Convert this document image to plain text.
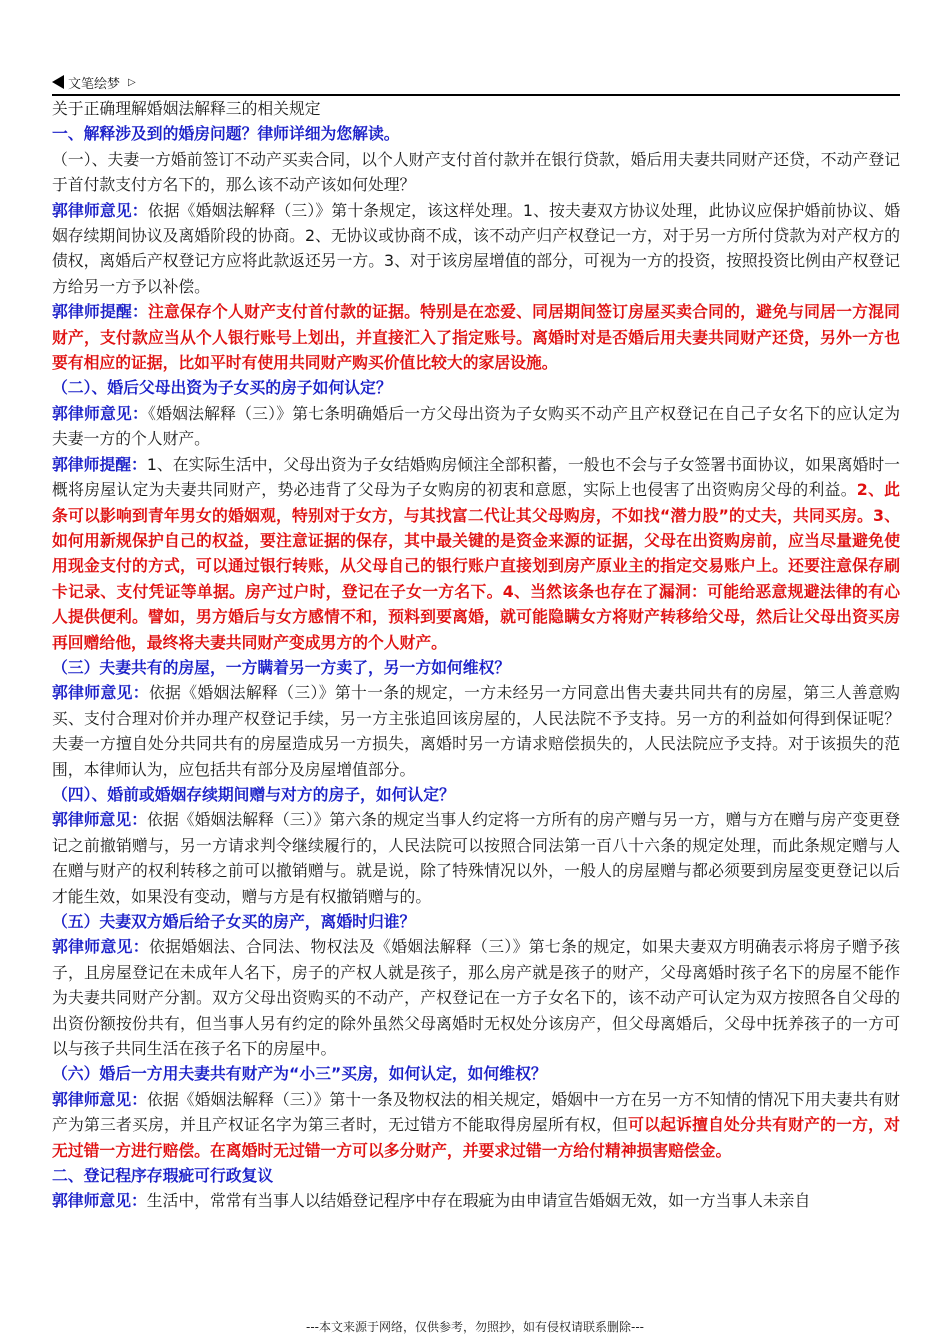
文笔绘梦 ▷

关于正确理解婚姻法解释三的相关规定

一、解释涉及到的婚房问题？律师详细为您解读。

（一）、夫妻一方婚前签订不动产买卖合同，以个人财产支付首付款并在银行贷款，婚后用夫妻共同财产还贷，不动产登记于首付款支付方名下的，那么该不动产该如何处理？

郭律师意见：依据《婚姻法解释（三）》第十条规定，该这样处理。1、按夫妻双方协议处理，此协议应保护婚前协议、婚姻存续期间协议及离婚阶段的协商。2、无协议或协商不成，该不动产归产权登记一方，对于另一方所付贷款为对产权方的债权，离婚后产权登记方应将此款返还另一方。3、对于该房屋增值的部分，可视为一方的投资，按照投资比例由产权登记方给另一方予以补偿。

郭律师提醒：注意保存个人财产支付首付款的证据。特别是在恋爱、同居期间签订房屋买卖合同的，避免与同居一方混同财产，支付款应当从个人银行账号上划出，并直接汇入了指定账号。离婚时对是否婚后用夫妻共同财产还贷，另外一方也要有相应的证据，比如平时有使用共同财产购买价值比较大的家居设施。

（二）、婚后父母出资为子女买的房子如何认定？

郭律师意见：《婚姻法解释（三）》第七条明确婚后一方父母出资为子女购买不动产且产权登记在自己子女名下的应认定为夫妻一方的个人财产。

郭律师提醒：1、在实际生活中，父母出资为子女结婚购房倾注全部积蓄，一般也不会与子女签署书面协议，如果离婚时一概将房屋认定为夫妻共同财产，势必违背了父母为子女购房的初衷和意愿，实际上也侵害了出资购房父母的利益。2、此条可以影响到青年男女的婚姻观，特别对于女方，与其找富二代让其父母购房，不如找“潜力股”的丈夫，共同买房。3、如何用新规保护自己的权益，要注意证据的保存，其中最关键的是资金来源的证据，父母在出资购房前，应当尽量避免使用现金支付的方式，可以通过银行转账，从父母自己的银行账户直接划到房产原业主的指定交易账户上。还要注意保存刷卡记录、支付凭证等单据。房产过户时，登记在子女一方名下。4、当然该条也存在了漏洞：可能给恶意规避法律的有心人提供便利。譬如，男方婚后与女方感情不和，预料到要离婚，就可能隐瞒女方将财产转移给父母，然后让父母出资买房再回赠给他，最终将夫妻共同财产变成男方的个人财产。

（三）夫妻共有的房屋，一方瞒着另一方卖了，另一方如何维权？

郭律师意见：依据《婚姻法解释（三）》第十一条的规定，一方未经另一方同意出售夫妻共同共有的房屋，第三人善意购买、支付合理对价并办理产权登记手续，另一方主张追回该房屋的，人民法院不予支持。另一方的利益如何得到保证呢？夫妻一方擅自处分共同共有的房屋造成另一方损失，离婚时另一方请求赔偿损失的，人民法院应予支持。对于该损失的范围，本律师认为，应包括共有部分及房屋增值部分。

（四）、婚前或婚姻存续期间赠与对方的房子，如何认定？

郭律师意见：依据《婚姻法解释（三）》第六条的规定当事人约定将一方所有的房产赠与另一方，赠与方在赠与房产变更登记之前撤销赠与，另一方请求判令继续履行的，人民法院可以按照合同法第一百八十六条的规定处理，而此条规定赠与人在赠与财产的权利转移之前可以撤销赠与。就是说，除了特殊情况以外，一般人的房屋赠与都必须要到房屋变更登记以后才能生效，如果没有变动，赠与方是有权撤销赠与的。

（五）夫妻双方婚后给子女买的房产，离婚时归谁？

郭律师意见：依据婚姻法、合同法、物权法及《婚姻法解释（三）》第七条的规定，如果夫妻双方明确表示将房子赠予孩子，且房屋登记在未成年人名下，房子的产权人就是孩子，那么房产就是孩子的财产，父母离婚时孩子名下的房屋不能作为夫妻共同财产分割。双方父母出资购买的不动产，产权登记在一方子女名下的，该不动产可认定为双方按照各自父母的出资份额按份共有，但当事人另有约定的除外虽然父母离婚时无权处分该房产，但父母离婚后，父母中抚养孩子的一方可以与孩子共同生活在孩子名下的房屋中。

（六）婚后一方用夫妻共有财产为“小三”买房，如何认定，如何维权？

郭律师意见：依据《婚姻法解释（三）》第十一条及物权法的相关规定，婚姻中一方在另一方不知情的情况下用夫妻共有财产为第三者买房，并且产权证名字为第三者时，无过错方不能取得房屋所有权，但可以起诉擅自处分共有财产的一方，对无过错一方进行赔偿。在离婚时无过错一方可以多分财产，并要求过错一方给付精神损害赔偿金。

二、登记程序存瑕疵可行政复议

郭律师意见：生活中，常常有当事人以结婚登记程序中存在瑕疵为由申请宣告婚姻无效，如一方当事人未亲自

---本文来源于网络，仅供参考，勿照抄，如有侵权请联系删除---
